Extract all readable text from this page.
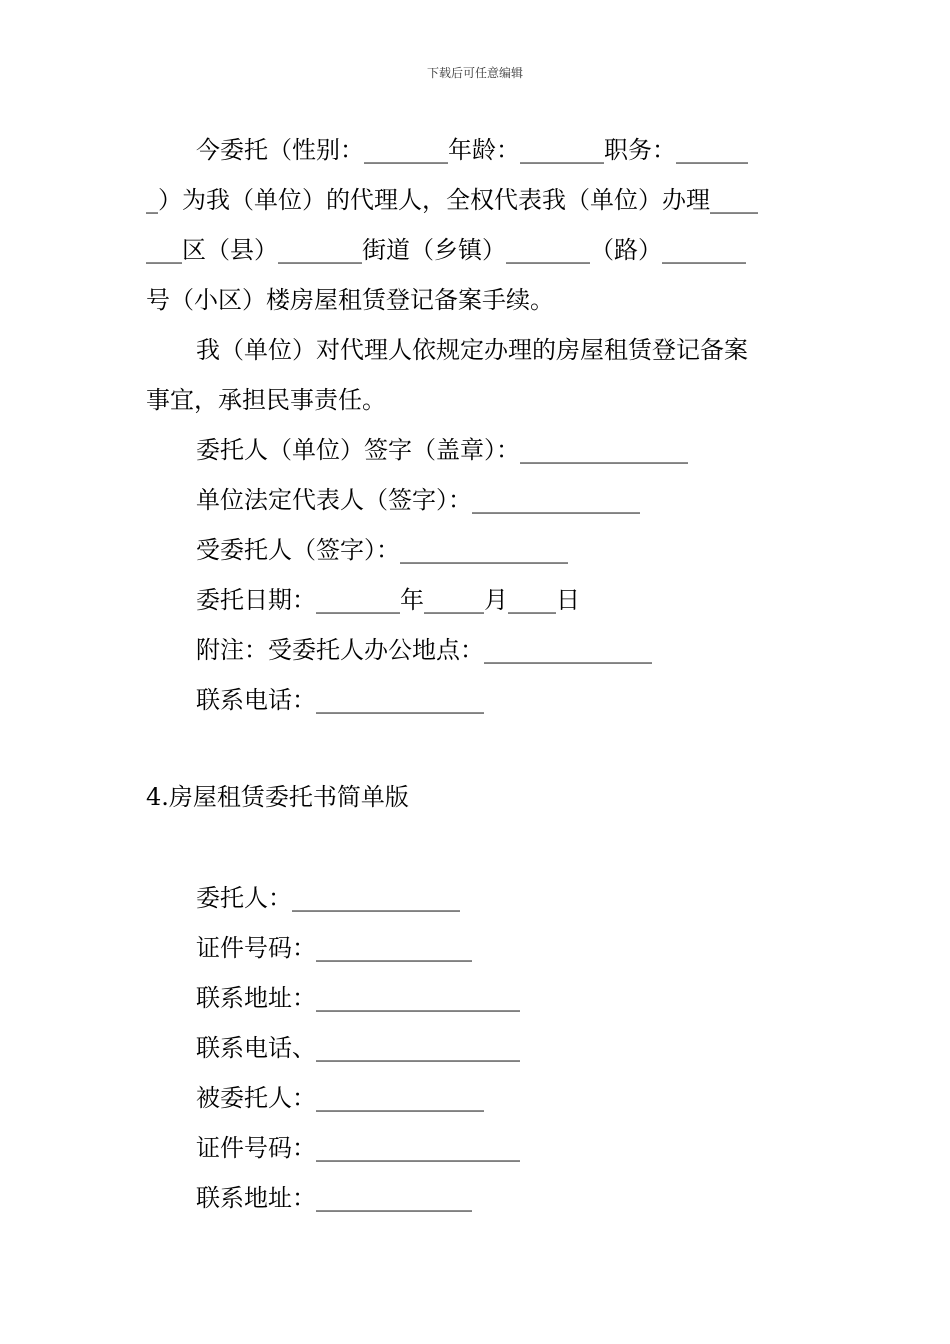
下载后可任意编辑
今委托（性别：_______年龄：_______职务：______
_）为我（单位）的代理人，全权代表我（单位）办理____
___区（县）_______街道（乡镇）_______（路）_______
号（小区）楼房屋租赁登记备案手续。
我（单位）对代理人依规定办理的房屋租赁登记备案
事宜，承担民事责任。
委托人（单位）签字（盖章）：______________
单位法定代表人（签字）：______________
受委托人（签字）：______________
委托日期：_______年_____月____日
附注：受委托人办公地点：______________
联系电话：______________
4.房屋租赁委托书简单版
委托人：______________
证件号码：_____________
联系地址：_________________
联系电话、_________________
被委托人：______________
证件号码：_________________
联系地址：_____________
